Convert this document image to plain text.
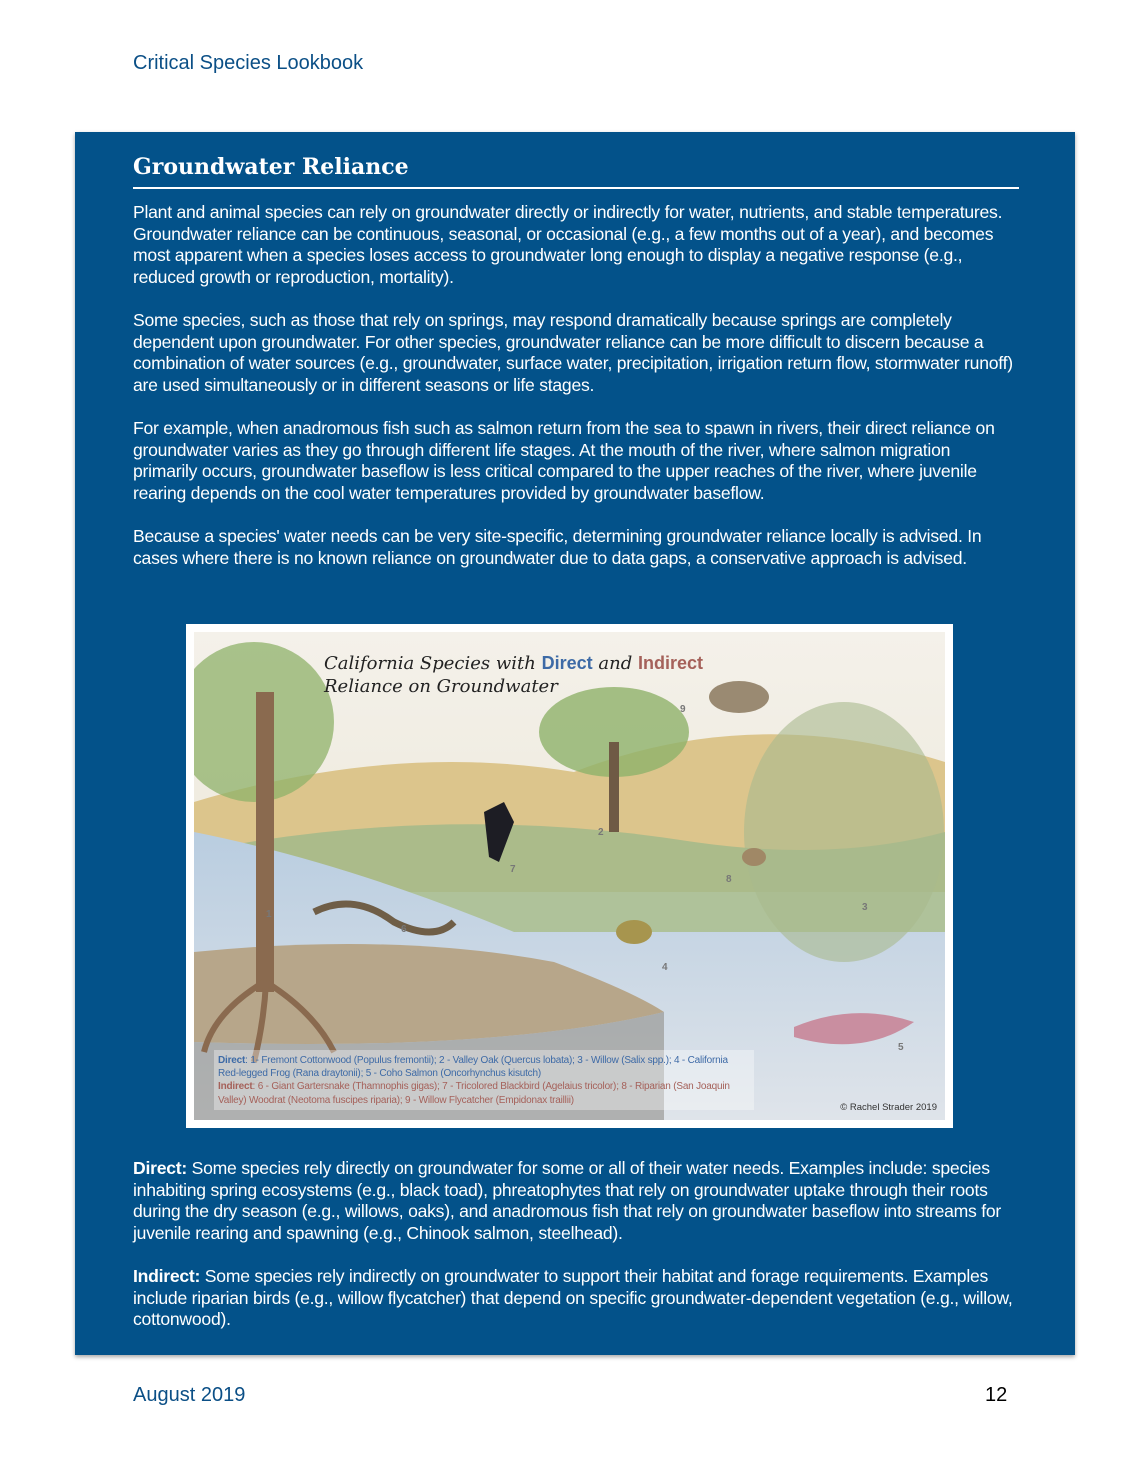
Critical Species Lookbook
Groundwater Reliance

Plant and animal species can rely on groundwater directly or indirectly for water, nutrients, and stable temperatures. Groundwater reliance can be continuous, seasonal, or occasional (e.g., a few months out of a year), and becomes most apparent when a species loses access to groundwater long enough to display a negative response (e.g., reduced growth or reproduction, mortality).

Some species, such as those that rely on springs, may respond dramatically because springs are completely dependent upon groundwater. For other species, groundwater reliance can be more difficult to discern because a combination of water sources (e.g., groundwater, surface water, precipitation, irrigation return flow, stormwater runoff) are used simultaneously or in different seasons or life stages.

For example, when anadromous fish such as salmon return from the sea to spawn in rivers, their direct reliance on groundwater varies as they go through different life stages. At the mouth of the river, where salmon migration primarily occurs, groundwater baseflow is less critical compared to the upper reaches of the river, where juvenile rearing depends on the cool water temperatures provided by groundwater baseflow.

Because a species' water needs can be very site-specific, determining groundwater reliance locally is advised. In cases where there is no known reliance on groundwater due to data gaps, a conservative approach is advised.

California Species with Direct and Indirect
Reliance on Groundwater
1
2
3
4
5
6
7
8
9
Direct: 1- Fremont Cottonwood (Populus fremontii); 2 - Valley Oak (Quercus lobata); 3 - Willow (Salix spp.); 4 - California Red-legged Frog (Rana draytonii); 5 - Coho Salmon (Oncorhynchus kisutch)
Indirect: 6 - Giant Gartersnake (Thamnophis gigas); 7 - Tricolored Blackbird (Agelaius tricolor); 8 - Riparian (San Joaquin Valley) Woodrat (Neotoma fuscipes riparia); 9 - Willow Flycatcher (Empidonax traillii)
© Rachel Strader 2019

Direct: Some species rely directly on groundwater for some or all of their water needs. Examples include: species inhabiting spring ecosystems (e.g., black toad), phreatophytes that rely on groundwater uptake through their roots during the dry season (e.g., willows, oaks), and anadromous fish that rely on groundwater baseflow into streams for juvenile rearing and spawning (e.g., Chinook salmon, steelhead).

Indirect: Some species rely indirectly on groundwater to support their habitat and forage requirements. Examples include riparian birds (e.g., willow flycatcher) that depend on specific groundwater-dependent vegetation (e.g., willow, cottonwood).

August 2019	12
